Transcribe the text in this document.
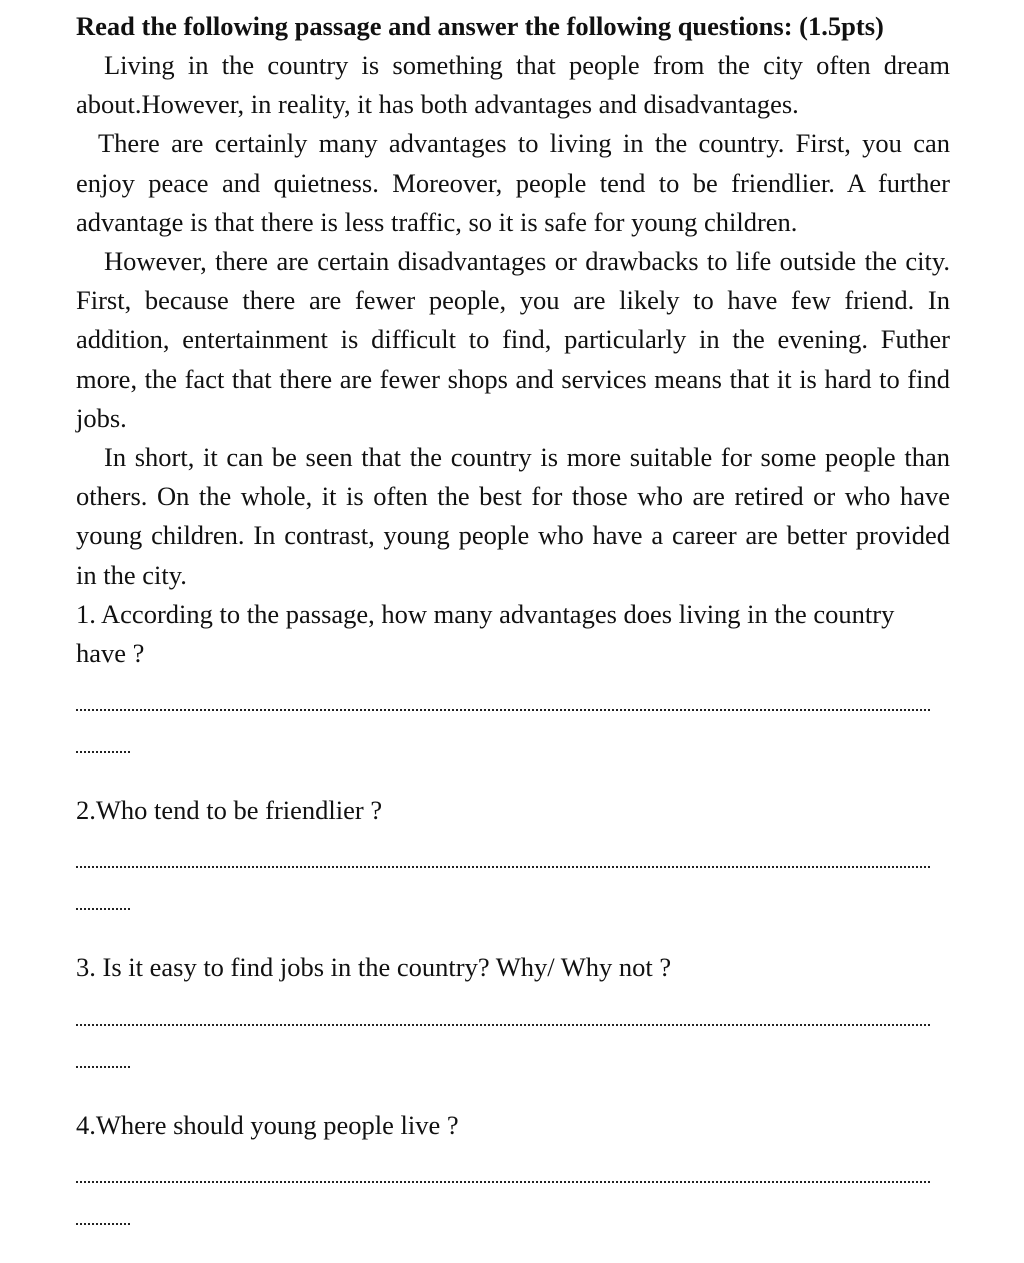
Read the following passage and answer the following questions: (1.5pts)

Living in the country is something that people from the city often dream about.However, in reality, it has both advantages and disadvantages.

There are certainly many advantages to living in the country. First, you can enjoy peace and quietness. Moreover, people tend to be friendlier. A further advantage is that there is less traffic, so it is safe for young children.

However, there are certain disadvantages or drawbacks to life outside the city. First, because there are fewer people, you are likely to have few friend. In addition, entertainment is difficult to find, particularly in the evening. Futher more, the fact that there are fewer shops and services means that it is hard to find jobs.

In short, it can be seen that the country is more suitable for some people than others. On the whole, it is often the best for those who are retired or who have young children. In contrast, young people who have a career are better provided in the city.

1. According to the passage, how many advantages does living in the country have ?

2.Who tend to be friendlier ?

3. Is it easy to find jobs in the country? Why/ Why not ?

4.Where should young people live ?
